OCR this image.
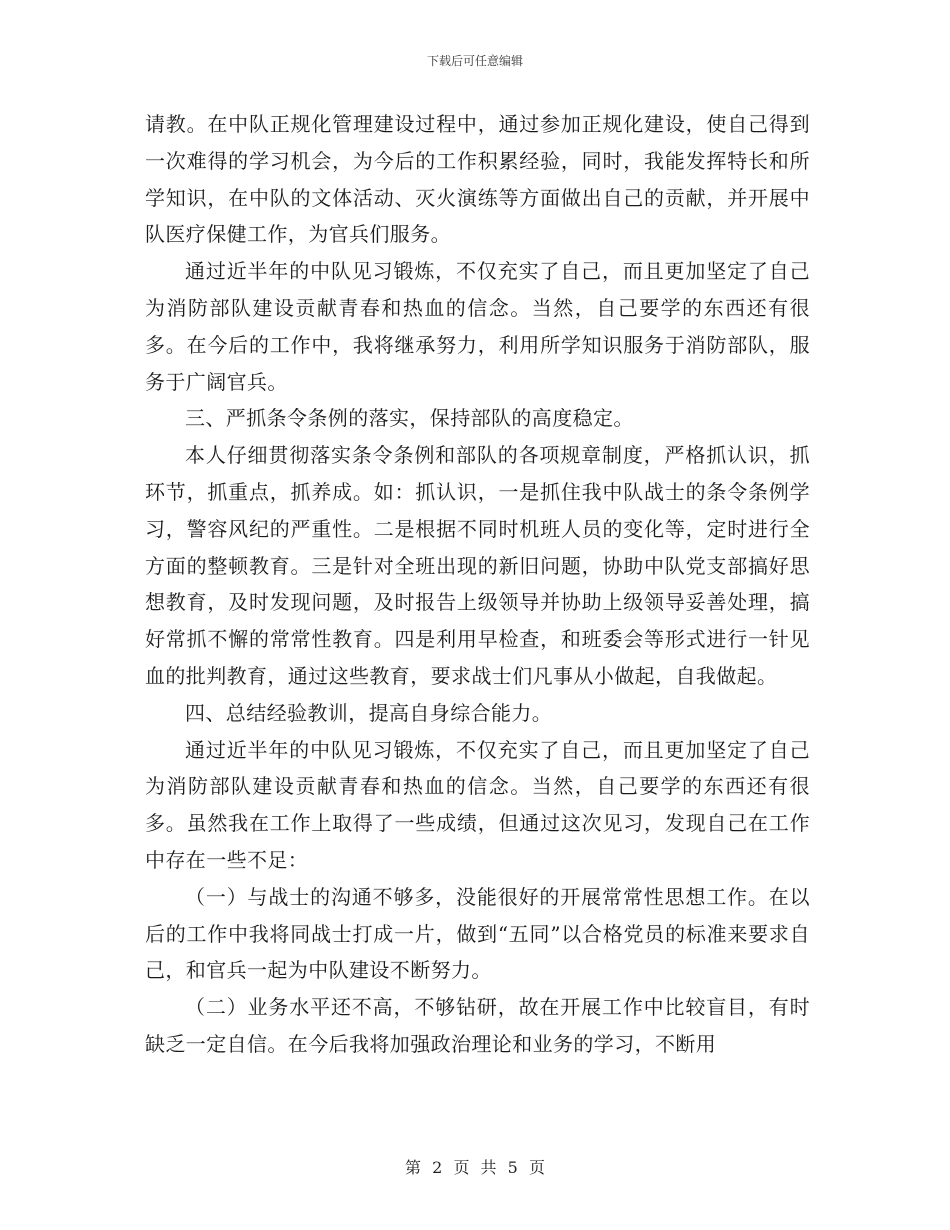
下载后可任意编辑

请教。在中队正规化管理建设过程中，通过参加正规化建设，使自己得到一次难得的学习机会，为今后的工作积累经验，同时，我能发挥特长和所学知识，在中队的文体活动、灭火演练等方面做出自己的贡献，并开展中队医疗保健工作，为官兵们服务。

通过近半年的中队见习锻炼，不仅充实了自己，而且更加坚定了自己为消防部队建设贡献青春和热血的信念。当然，自己要学的东西还有很多。在今后的工作中，我将继承努力，利用所学知识服务于消防部队，服务于广阔官兵。

三、严抓条令条例的落实，保持部队的高度稳定。

本人仔细贯彻落实条令条例和部队的各项规章制度，严格抓认识，抓环节，抓重点，抓养成。如：抓认识，一是抓住我中队战士的条令条例学习，警容风纪的严重性。二是根据不同时机班人员的变化等，定时进行全方面的整顿教育。三是针对全班出现的新旧问题，协助中队党支部搞好思想教育，及时发现问题，及时报告上级领导并协助上级领导妥善处理，搞好常抓不懈的常常性教育。四是利用早检查，和班委会等形式进行一针见血的批判教育，通过这些教育，要求战士们凡事从小做起，自我做起。

四、总结经验教训，提高自身综合能力。

通过近半年的中队见习锻炼，不仅充实了自己，而且更加坚定了自己为消防部队建设贡献青春和热血的信念。当然，自己要学的东西还有很多。虽然我在工作上取得了一些成绩，但通过这次见习，发现自己在工作中存在一些不足：

（一）与战士的沟通不够多，没能很好的开展常常性思想工作。在以后的工作中我将同战士打成一片，做到“五同”以合格党员的标准来要求自己，和官兵一起为中队建设不断努力。

（二）业务水平还不高，不够钻研，故在开展工作中比较盲目，有时缺乏一定自信。在今后我将加强政治理论和业务的学习，不断用

第 2 页 共 5 页
